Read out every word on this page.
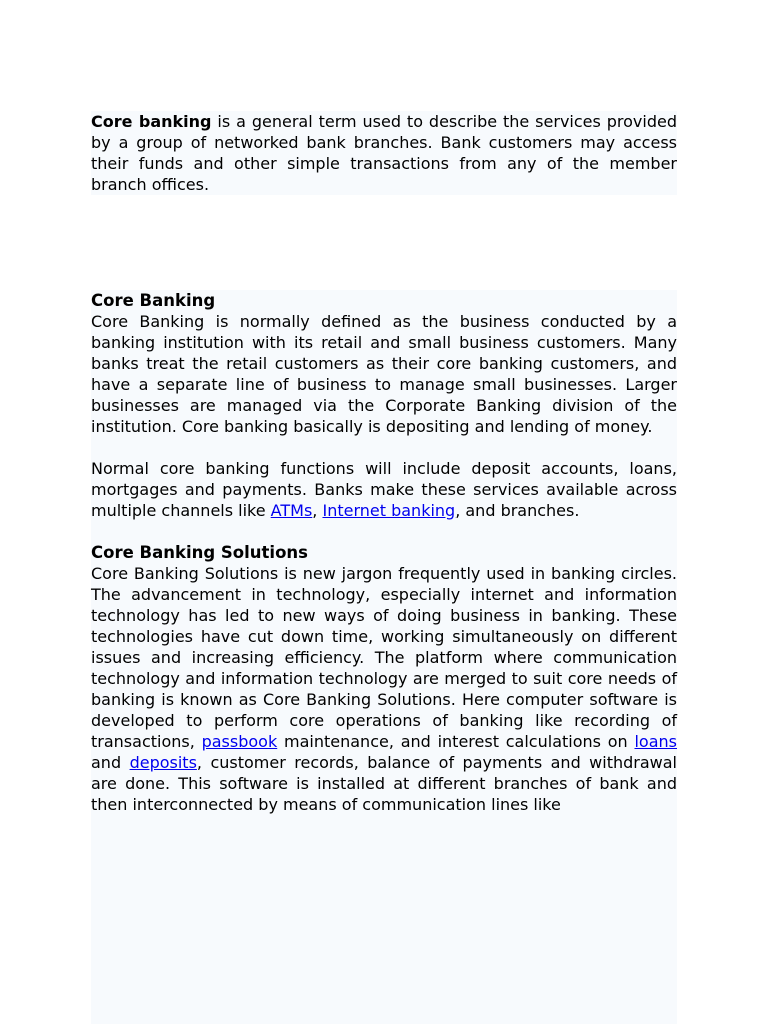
Core banking is a general term used to describe the services provided by a group of networked bank branches. Bank customers may access their funds and other simple transactions from any of the member branch offices.

Core Banking

Core Banking is normally defined as the business conducted by a banking institution with its retail and small business customers. Many banks treat the retail customers as their core banking customers, and have a separate line of business to manage small businesses. Larger businesses are managed via the Corporate Banking division of the institution. Core banking basically is depositing and lending of money.

Normal core banking functions will include deposit accounts, loans, mortgages and payments. Banks make these services available across multiple channels like ATMs, Internet banking, and branches.

Core Banking Solutions

Core Banking Solutions is new jargon frequently used in banking circles. The advancement in technology, especially internet and information technology has led to new ways of doing business in banking. These technologies have cut down time, working simultaneously on different issues and increasing efficiency. The platform where communication technology and information technology are merged to suit core needs of banking is known as Core Banking Solutions. Here computer software is developed to perform core operations of banking like recording of transactions, passbook maintenance, and interest calculations on loans and deposits, customer records, balance of payments and withdrawal are done. This software is installed at different branches of bank and then interconnected by means of communication lines like
